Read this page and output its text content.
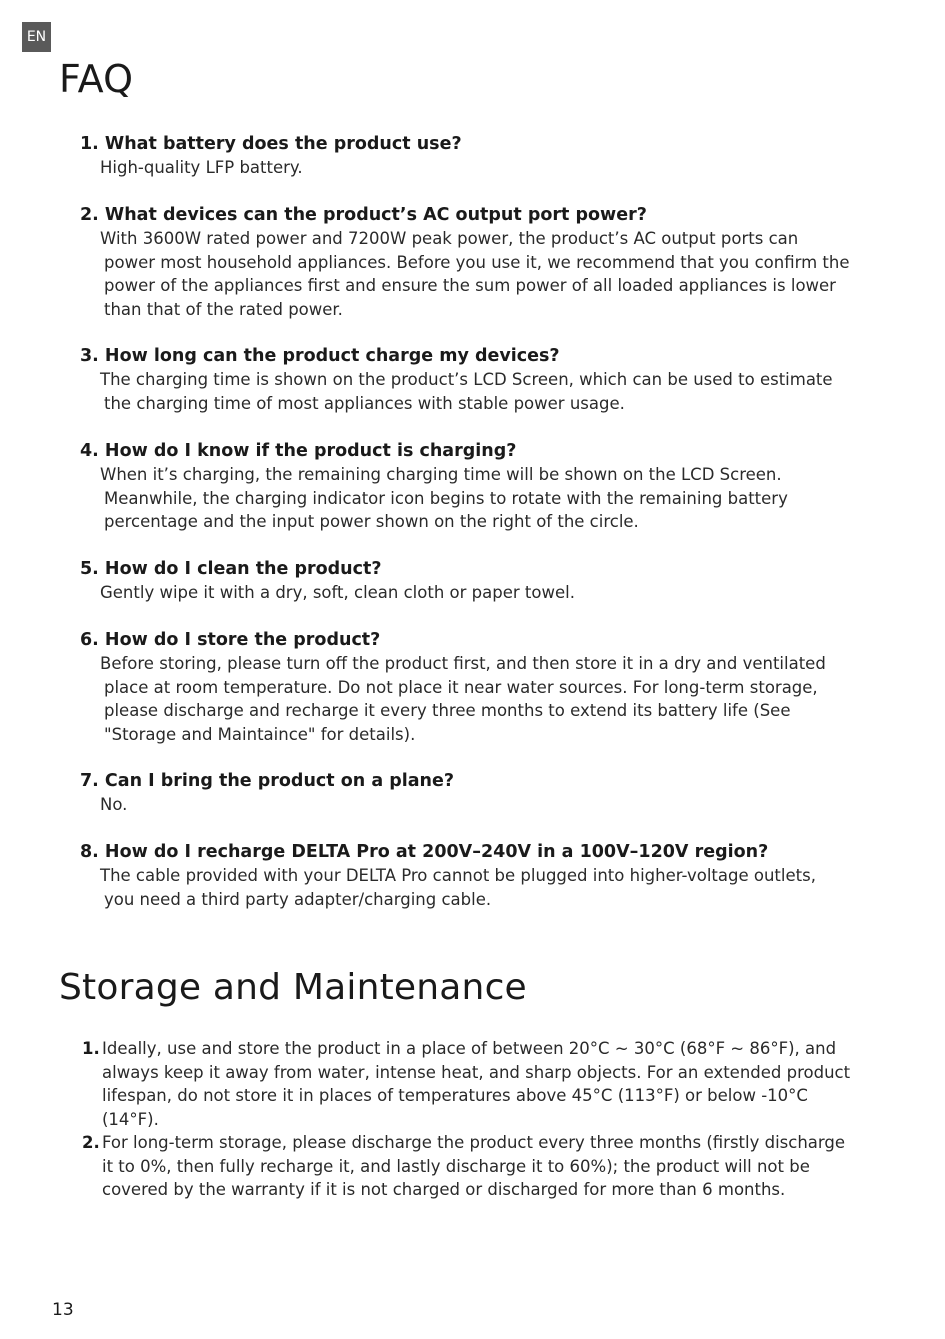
EN
FAQ
1. What battery does the product use?
High-quality LFP battery.
2. What devices can the product’s AC output port power?
With 3600W rated power and 7200W peak power, the product’s AC output ports can
power most household appliances. Before you use it, we recommend that you confirm the
power of the appliances first and ensure the sum power of all loaded appliances is lower
than that of the rated power.
3. How long can the product charge my devices?
The charging time is shown on the product’s LCD Screen, which can be used to estimate
the charging time of most appliances with stable power usage.
4. How do I know if the product is charging?
When it’s charging, the remaining charging time will be shown on the LCD Screen.
Meanwhile, the charging indicator icon begins to rotate with the remaining battery
percentage and the input power shown on the right of the circle.
5. How do I clean the product?
Gently wipe it with a dry, soft, clean cloth or paper towel.
6. How do I store the product?
Before storing, please turn off the product first, and then store it in a dry and ventilated
place at room temperature. Do not place it near water sources. For long-term storage,
please discharge and recharge it every three months to extend its battery life (See
"Storage and Maintaince" for details).
7. Can I bring the product on a plane?
No.
8. How do I recharge DELTA Pro at 200V–240V in a 100V–120V region?
The cable provided with your DELTA Pro cannot be plugged into higher-voltage outlets,
you need a third party adapter/charging cable.
Storage and Maintenance
1. Ideally, use and store the product in a place of between 20°C ~ 30°C (68°F ~ 86°F), and
always keep it away from water, intense heat, and sharp objects. For an extended product
lifespan, do not store it in places of temperatures above 45°C (113°F) or below -10°C
(14°F).
2. For long-term storage, please discharge the product every three months (firstly discharge
it to 0%, then fully recharge it, and lastly discharge it to 60%); the product will not be
covered by the warranty if it is not charged or discharged for more than 6 months.
13
